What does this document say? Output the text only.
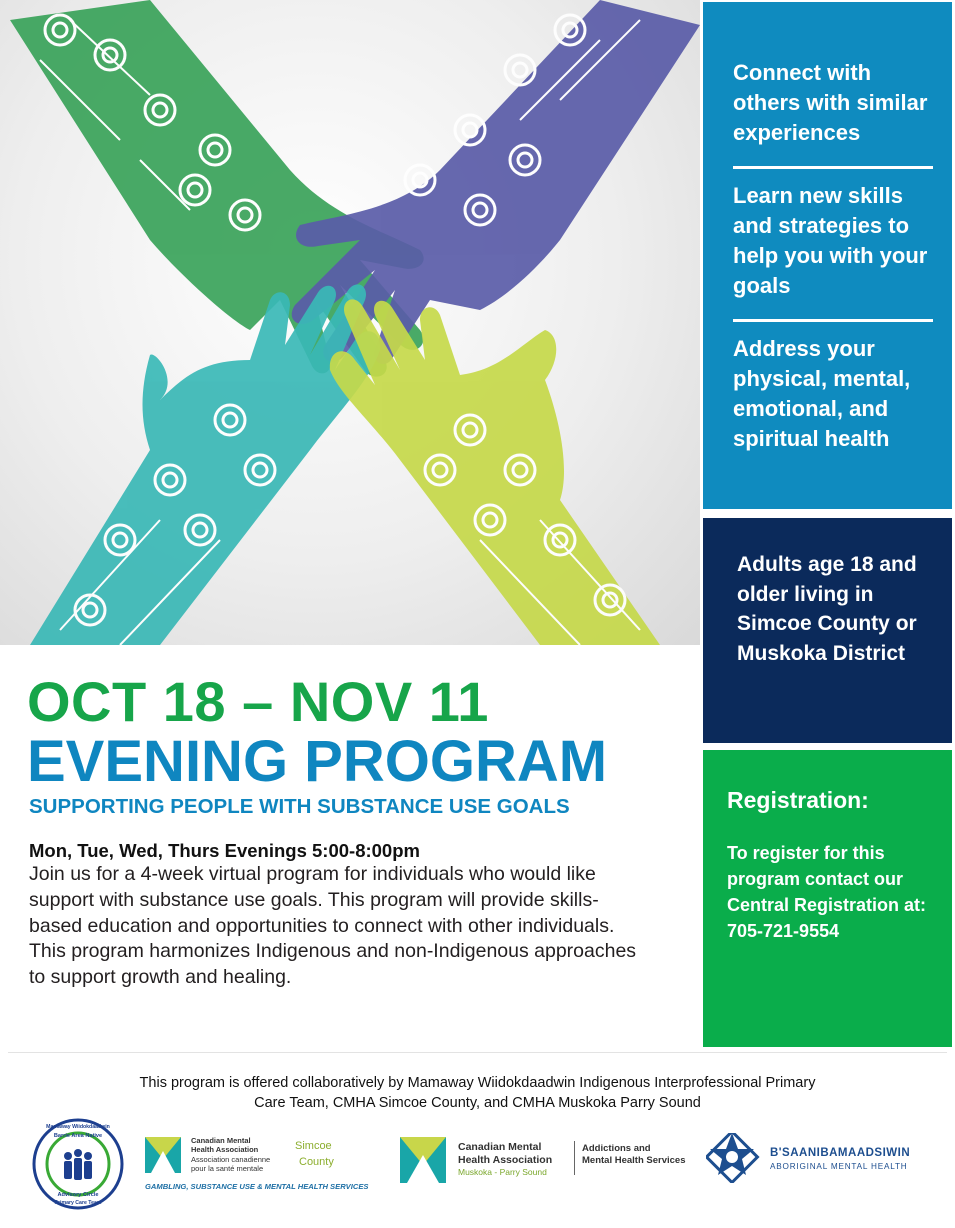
Connect with others with similar experiences
Learn new skills and strategies to help you with your goals
Address your physical, mental, emotional, and spiritual health
Adults age 18 and older living in Simcoe County or Muskoka District
Registration:
To register for this program contact our Central Registration at: 705-721-9554
OCT 18 – NOV 11
EVENING PROGRAM
SUPPORTING PEOPLE WITH SUBSTANCE USE GOALS
Mon, Tue, Wed, Thurs Evenings 5:00-8:00pm
Join us for a 4-week virtual program for individuals who would like support with substance use goals. This program will provide skills-based education and opportunities to connect with other individuals. This program harmonizes Indigenous and non-Indigenous approaches to support growth and healing.
This program is offered collaboratively by Mamaway Wiidokdaadwin Indigenous Interprofessional Primary
Care Team, CMHA Simcoe County, and CMHA Muskoka Parry Sound
Mamaway Wiidokdaadwin
Barrie Area Native
Advisory Circle
Primary Care Team
Canadian Mental
Health Association
Association canadienne
pour la santé mentale
Simcoe
County
GAMBLING, SUBSTANCE USE & MENTAL HEALTH SERVICES
Canadian Mental
Health Association
Muskoka - Parry Sound
Addictions and
Mental Health Services
B'SAANIBAMAADSIWIN
ABORIGINAL MENTAL HEALTH
